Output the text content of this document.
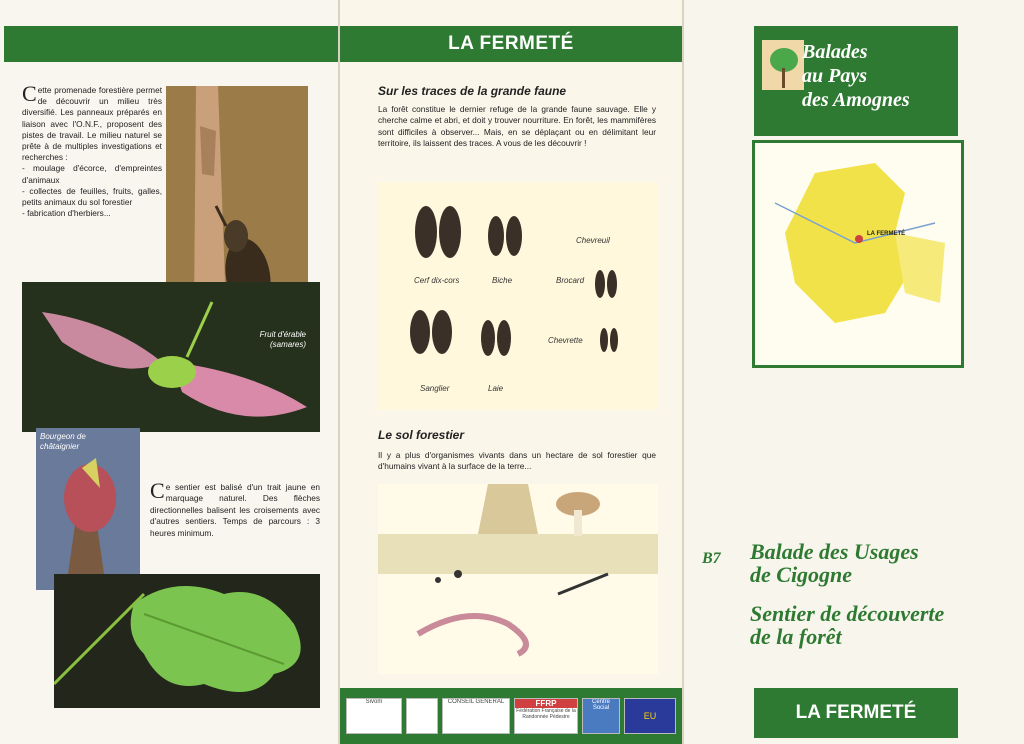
Cette promenade forestière permet de découvrir un milieu très diversifié. Les panneaux préparés en liaison avec l'O.N.F., proposent des pistes de travail. Le milieu naturel se prête à de multiples investigations et recherches :
- moulage d'écorce, d'empreintes d'animaux
- collectes de feuilles, fruits, galles, petits animaux du sol forestier
- fabrication d'herbiers...
Fruit d'érable
(samares)
Bourgeon de
châtaignier
Ce sentier est balisé d'un trait jaune en marquage naturel. Des flèches directionnelles balisent les croisements avec d'autres sentiers. Temps de parcours : 3 heures minimum.
LA FERMETÉ
Sur les traces de la grande faune
La forêt constitue le dernier refuge de la grande faune sauvage. Elle y cherche calme et abri, et doit y trouver nourriture. En forêt, les mammifères sont difficiles à observer... Mais, en se déplaçant ou en délimitant leur territoire, ils laissent des traces. A vous de les découvrir !
Cerf dix-cors	Biche
Chevreuil
Brocard
Chevrette
Sanglier	Laie
Le sol forestier
Il y a plus d'organismes vivants dans un hectare de sol forestier que d'humains vivant à la surface de la terre...
Sivom	CONSEIL GÉNÉRAL	FFRP
Fédération Française de la Randonnée Pédestre
Centre Social
EU
Balades
au Pays
des Amognes
LA FERMETÉ
B7 Balade des Usages
de Cigogne
Sentier de découverte
de la forêt
LA FERMETÉ
